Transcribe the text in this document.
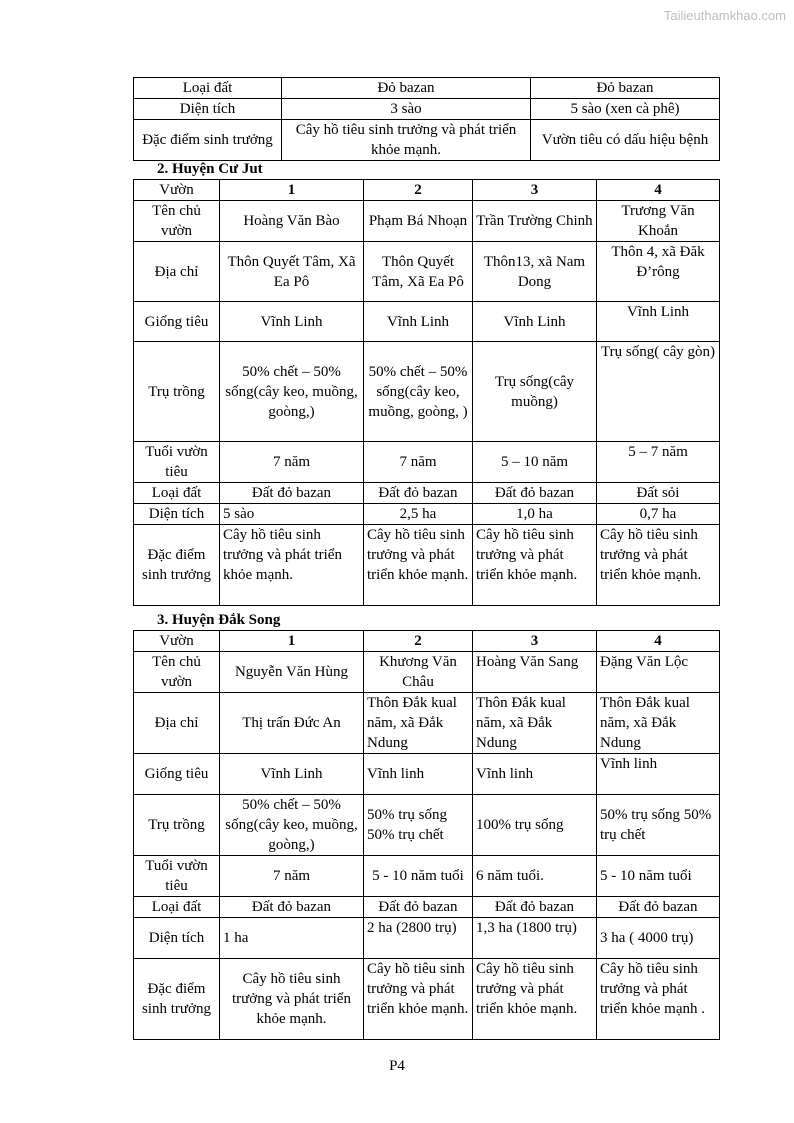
Tailieuthamkhao.com
Loại đất	Đỏ bazan	Đỏ bazan
Diện tích	3 sào	5 sào (xen cà phê)
Đặc điểm sinh trưởng	Cây hồ tiêu sinh trưởng và phát triển khỏe mạnh.	Vườn tiêu có dấu hiệu bệnh
2. Huyện Cư Jut
Vườn	1	2	3	4
Tên chủ vườn	Hoàng Văn Bào	Phạm Bá Nhoạn	Trần Trường Chinh	Trương Văn Khoắn
Địa chỉ	Thôn Quyết Tâm, Xã Ea Pô	Thôn Quyết Tâm, Xã Ea Pô	Thôn13, xã Nam Dong	Thôn 4, xã Đăk Đ’rông
Giống tiêu	Vĩnh Linh	Vĩnh Linh	Vĩnh Linh	Vĩnh Linh
Trụ trồng	50% chết – 50% sống(cây keo, muồng, goòng,)	50% chết – 50% sống(cây keo, muồng, goòng, )	Trụ sống(cây muồng)	Trụ sống( cây gòn)
Tuổi vườn tiêu	7 năm	7 năm	5 – 10 năm	5 – 7 năm
Loại đất	Đất đỏ bazan	Đất đỏ bazan	Đất đỏ bazan	Đất sỏi
Diện tích	5 sào	2,5 ha	1,0 ha	0,7 ha
Đặc điểm sinh trưởng	Cây hồ tiêu sinh trưởng và phát triển khỏe mạnh.	Cây hồ tiêu sinh trưởng và phát triển khỏe mạnh.	Cây hồ tiêu sinh trưởng và phát triển khỏe mạnh.	Cây hồ tiêu sinh trưởng và phát triển khỏe mạnh.
3. Huyện Đắk Song
Vườn	1	2	3	4
Tên chủ vườn	Nguyễn Văn Hùng	Khương Văn Châu	Hoàng Văn Sang	Đặng Văn Lộc
Địa chỉ	Thị trấn Đức An	Thôn Đắk kual năm, xã Đắk Ndung	Thôn Đắk kual năm, xã Đắk Ndung	Thôn Đắk kual năm, xã Đắk Ndung
Giống tiêu	Vĩnh Linh	Vĩnh linh	Vĩnh linh	Vĩnh linh
Trụ trồng	50% chết – 50% sống(cây keo, muồng, goòng,)	50% trụ sống 50% trụ chết	100% trụ sống	50% trụ sống 50% trụ chết
Tuổi vườn tiêu	7 năm	5 - 10 năm tuổi	6 năm tuổi.	5 - 10 năm tuổi
Loại đất	Đất đỏ bazan	Đất đỏ bazan	Đất đỏ bazan	Đất đỏ bazan
Diện tích	1 ha	2 ha (2800 trụ)	1,3 ha (1800 trụ)	3 ha ( 4000 trụ)
Đặc điểm sinh trưởng	Cây hồ tiêu sinh trưởng và phát triển khỏe mạnh.	Cây hồ tiêu sinh trưởng và phát triển khỏe mạnh.	Cây hồ tiêu sinh trưởng và phát triển khỏe mạnh.	Cây hồ tiêu sinh trưởng và phát triển khỏe mạnh .
P4
